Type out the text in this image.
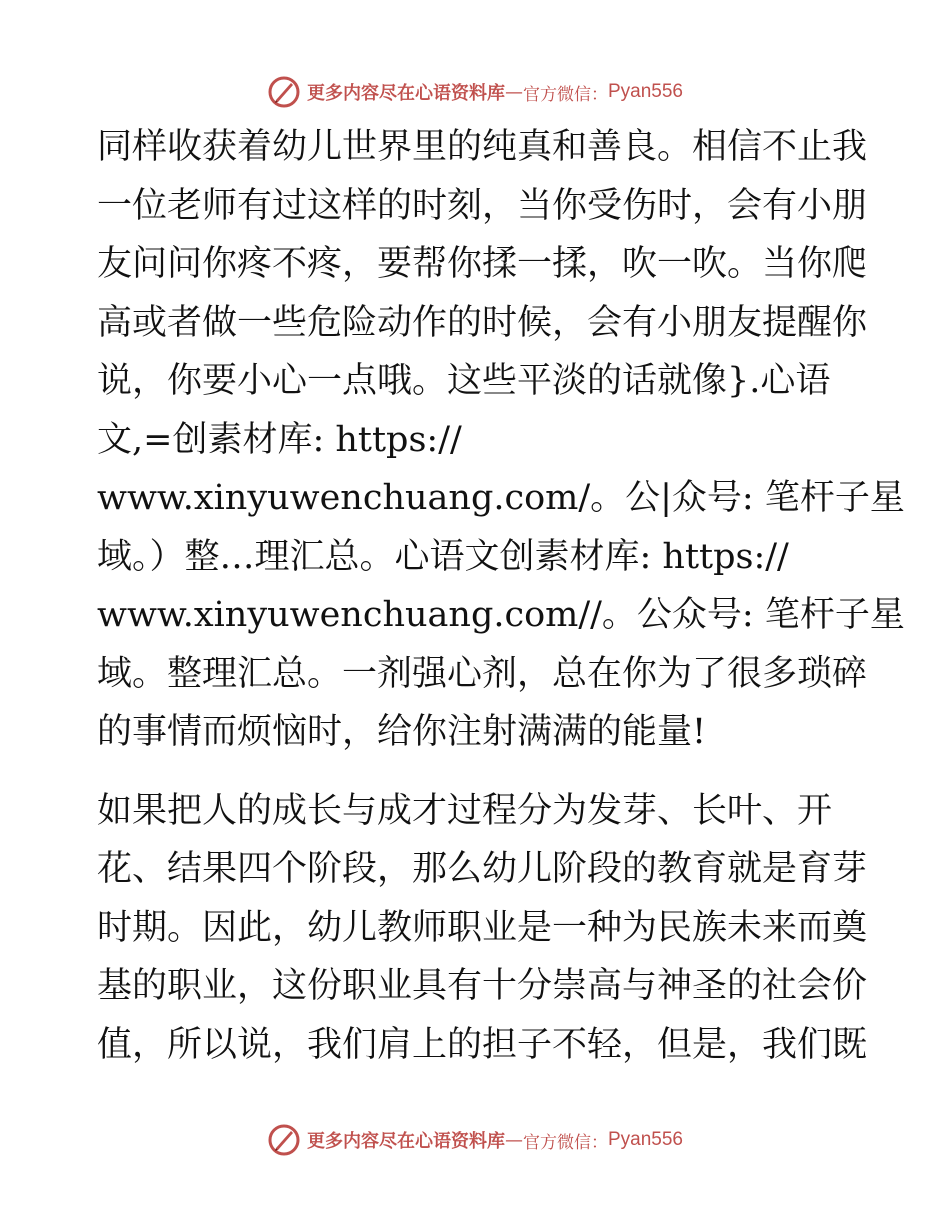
更多内容尽在心语资料库 — 官方微信： Pyan556
同样收获着幼儿世界里的纯真和善良。相信不止我
一位老师有过这样的时刻，当你受伤时，会有小朋
友问问你疼不疼，要帮你揉一揉，吹一吹。当你爬
高或者做一些危险动作的时候，会有小朋友提醒你
说，你要小心一点哦。这些平淡的话就像}.心语
文,=创素材库: https://
www.xinyuwenchuang.com/。公|众号: 笔杆子星
域。）整…理汇总。心语文创素材库: https://
www.xinyuwenchuang.com//。公众号: 笔杆子星
域。整理汇总。一剂强心剂，总在你为了很多琐碎
的事情而烦恼时，给你注射满满的能量!
如果把人的成长与成才过程分为发芽、长叶、开
花、结果四个阶段，那么幼儿阶段的教育就是育芽
时期。因此，幼儿教师职业是一种为民族未来而奠
基的职业，这份职业具有十分崇高与神圣的社会价
值，所以说，我们肩上的担子不轻，但是，我们既
更多内容尽在心语资料库 — 官方微信： Pyan556
